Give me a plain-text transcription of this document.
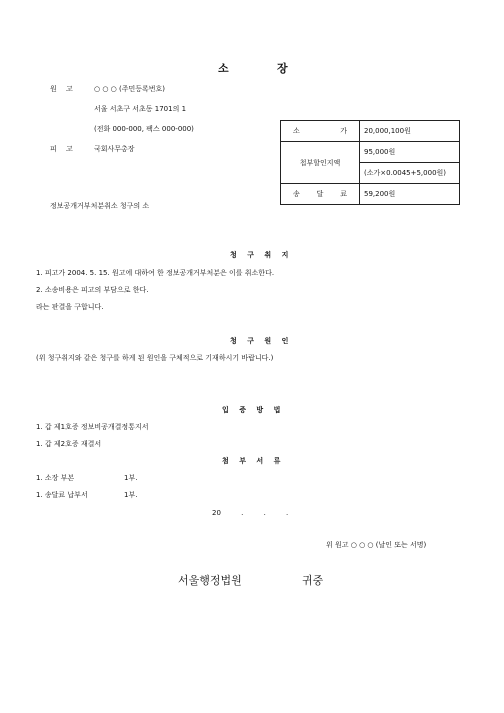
소	장
원 고	○ ○ ○ (주민등록번호)
서울 서초구 서초동 1701의 1
(전화 000-000, 팩스 000-000)
피 고	국회사무총장
소 가	20,000,100원
첩부할인지액	95,000원
(소가×0.0045+5,000원)

송 달 료	59,200원
정보공개거부처분취소 청구의 소
청 구 취 지
1. 피고가 2004. 5. 15. 원고에 대하여 한 정보공개거부처분은 이를 취소한다.
2. 소송비용은 피고의 부담으로 한다.
라는 판결을 구합니다.
청 구 원 인
(위 청구취지와 같은 청구를 하게 된 원인을 구체적으로 기재하시기 바랍니다.)
입 증 방 법
1. 갑 제1호증 정보비공개결정통지서
1. 갑 제2호증 재결서
첨 부 서 류
1. 소장 부본	1부.
1. 송달료 납부서	1부.
20 . . .
위 원고 ○ ○ ○ (날인 또는 서명)
서울행정법원	귀중
